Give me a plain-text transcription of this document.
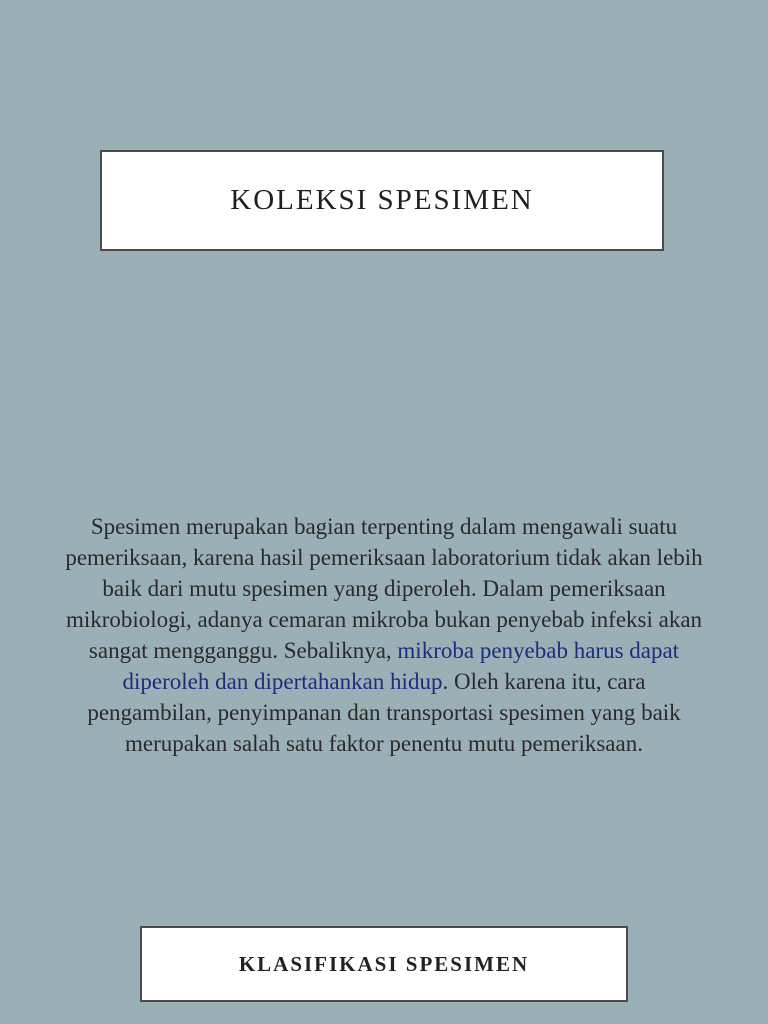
KOLEKSI SPESIMEN
Spesimen merupakan bagian terpenting dalam mengawali suatu pemeriksaan, karena hasil pemeriksaan laboratorium tidak akan lebih baik dari mutu spesimen yang diperoleh. Dalam pemeriksaan mikrobiologi, adanya cemaran mikroba bukan penyebab infeksi akan sangat mengganggu. Sebaliknya, mikroba penyebab harus dapat diperoleh dan dipertahankan hidup. Oleh karena itu, cara pengambilan, penyimpanan dan transportasi spesimen yang baik merupakan salah satu faktor penentu mutu pemeriksaan.
KLASIFIKASI SPESIMEN
